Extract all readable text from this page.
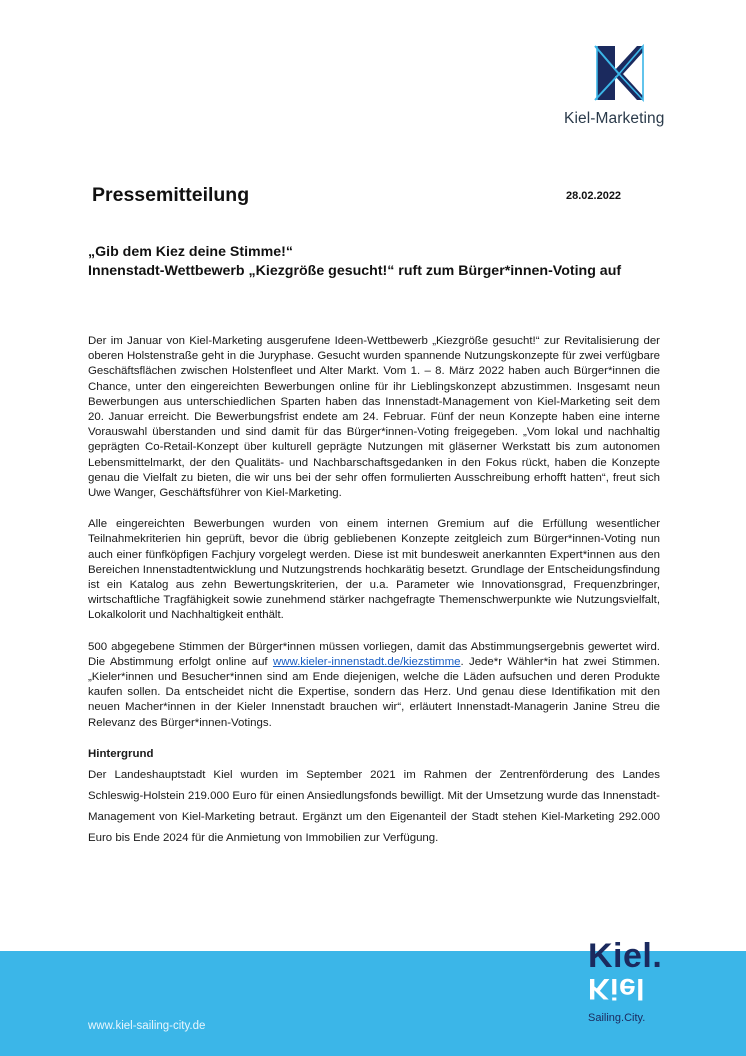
Kiel-Marketing
Pressemitteilung	28.02.2022
„Gib dem Kiez deine Stimme!“
Innenstadt-Wettbewerb „Kiezgröße gesucht!“ ruft zum Bürger*innen-Voting auf

Der im Januar von Kiel-Marketing ausgerufene Ideen-Wettbewerb „Kiezgröße gesucht!“ zur Revitalisierung der oberen Holstenstraße geht in die Juryphase. Gesucht wurden spannende Nutzungskonzepte für zwei verfügbare Geschäftsflächen zwischen Holstenfleet und Alter Markt. Vom 1. – 8. März 2022 haben auch Bürger*innen die Chance, unter den eingereichten Bewerbungen online für ihr Lieblingskonzept abzustimmen. Insgesamt neun Bewerbungen aus unterschiedlichen Sparten haben das Innenstadt-Management von Kiel-Marketing seit dem 20. Januar erreicht. Die Bewerbungsfrist endete am 24. Februar. Fünf der neun Konzepte haben eine interne Vorauswahl überstanden und sind damit für das Bürger*innen-Voting freigegeben. „Vom lokal und nachhaltig geprägten Co-Retail-Konzept über kulturell geprägte Nutzungen mit gläserner Werkstatt bis zum autonomen Lebensmittelmarkt, der den Qualitäts- und Nachbarschaftsgedanken in den Fokus rückt, haben die Konzepte genau die Vielfalt zu bieten, die wir uns bei der sehr offen formulierten Ausschreibung erhofft hatten“, freut sich Uwe Wanger, Geschäftsführer von Kiel-Marketing.

Alle eingereichten Bewerbungen wurden von einem internen Gremium auf die Erfüllung wesentlicher Teilnahmekriterien hin geprüft, bevor die übrig gebliebenen Konzepte zeitgleich zum Bürger*innen-Voting nun auch einer fünfköpfigen Fachjury vorgelegt werden. Diese ist mit bundesweit anerkannten Expert*innen aus den Bereichen Innenstadtentwicklung und Nutzungstrends hochkarätig besetzt. Grundlage der Entscheidungsfindung ist ein Katalog aus zehn Bewertungskriterien, der u.a. Parameter wie Innovationsgrad, Frequenzbringer, wirtschaftliche Tragfähigkeit sowie zunehmend stärker nachgefragte Themenschwerpunkte wie Nutzungsvielfalt, Lokalkolorit und Nachhaltigkeit enthält.

500 abgegebene Stimmen der Bürger*innen müssen vorliegen, damit das Abstimmungsergebnis gewertet wird. Die Abstimmung erfolgt online auf www.kieler-innenstadt.de/kiezstimme. Jede*r Wähler*in hat zwei Stimmen. „Kieler*innen und Besucher*innen sind am Ende diejenigen, welche die Läden aufsuchen und deren Produkte kaufen sollen. Da entscheidet nicht die Expertise, sondern das Herz. Und genau diese Identifikation mit den neuen Macher*innen in der Kieler Innenstadt brauchen wir“, erläutert Innenstadt-Managerin Janine Streu die Relevanz des Bürger*innen-Votings.

Hintergrund

Der Landeshauptstadt Kiel wurden im September 2021 im Rahmen der Zentrenförderung des Landes Schleswig-Holstein 219.000 Euro für einen Ansiedlungsfonds bewilligt. Mit der Umsetzung wurde das Innenstadt-Management von Kiel-Marketing betraut. Ergänzt um den Eigenanteil der Stadt stehen Kiel-Marketing 292.000 Euro bis Ende 2024 für die Anmietung von Immobilien zur Verfügung.

www.kiel-sailing-city.de
Kiel.
Kiel
Sailing.City.
